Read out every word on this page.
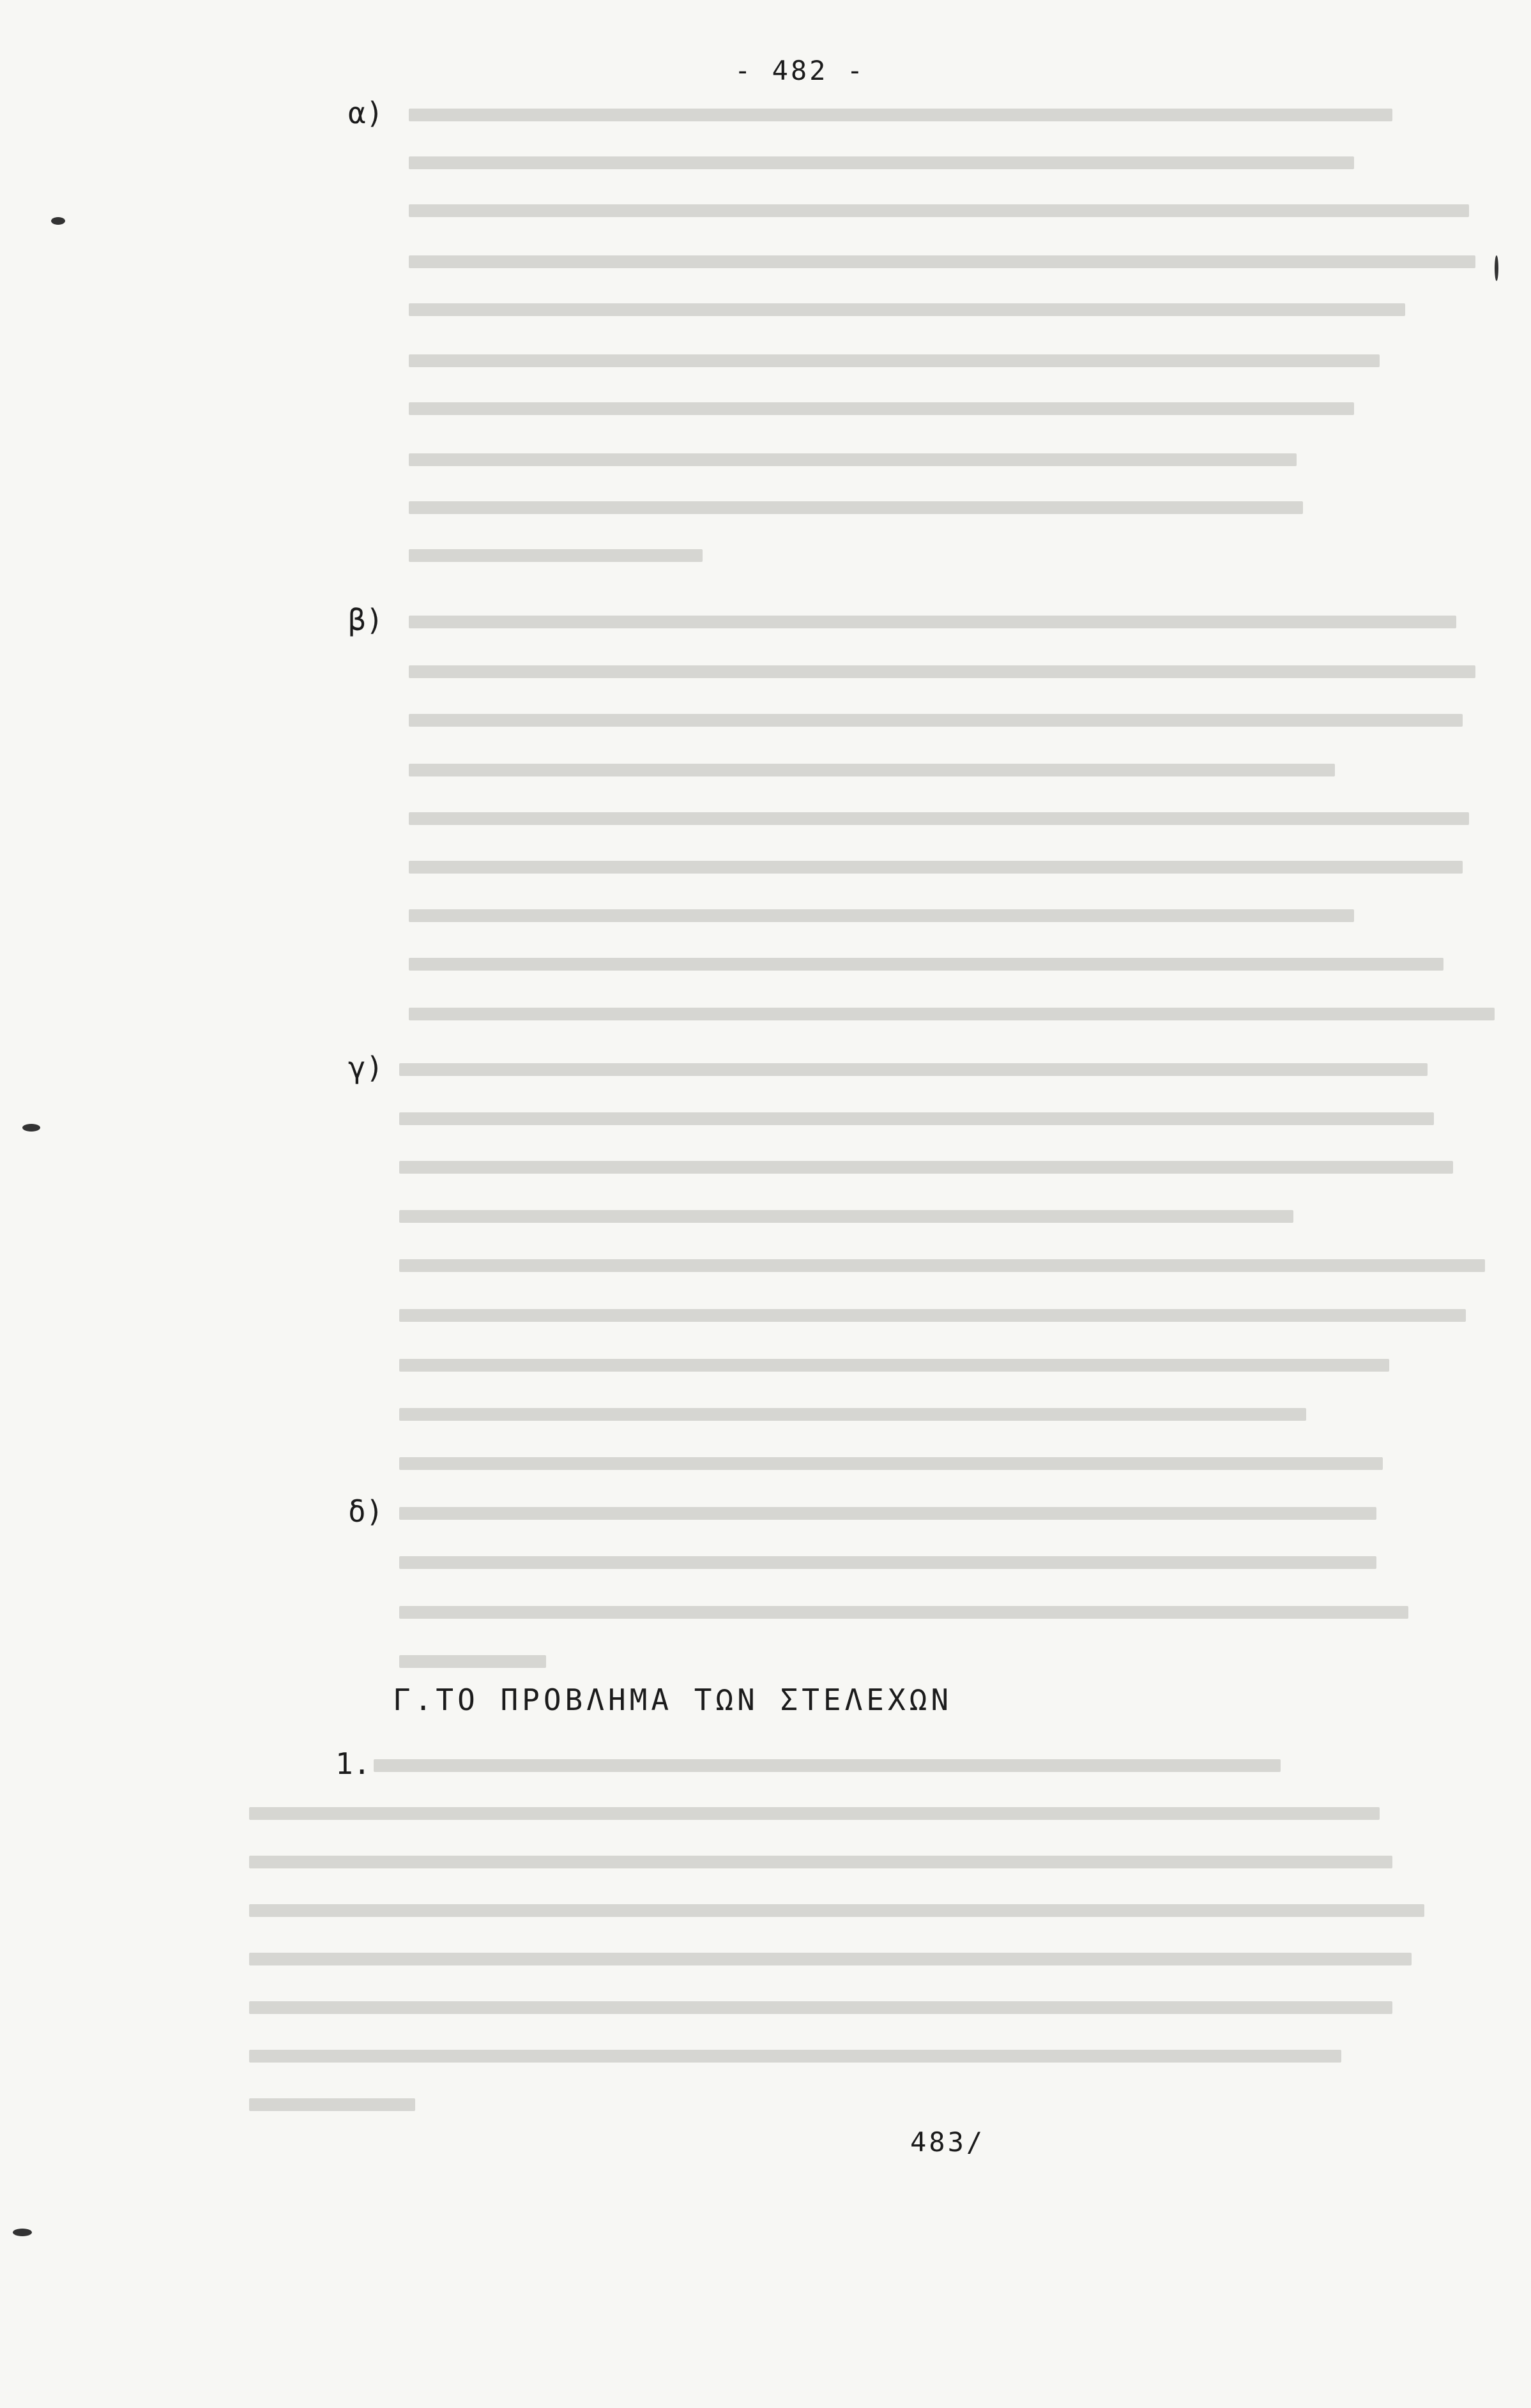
- 482 -
α)
β)
γ)
δ)
1.
Γ.ΤΟ ΠΡΟΒΛΗΜΑ ΤΩΝ ΣΤΕΛΕΧΩΝ
483/
